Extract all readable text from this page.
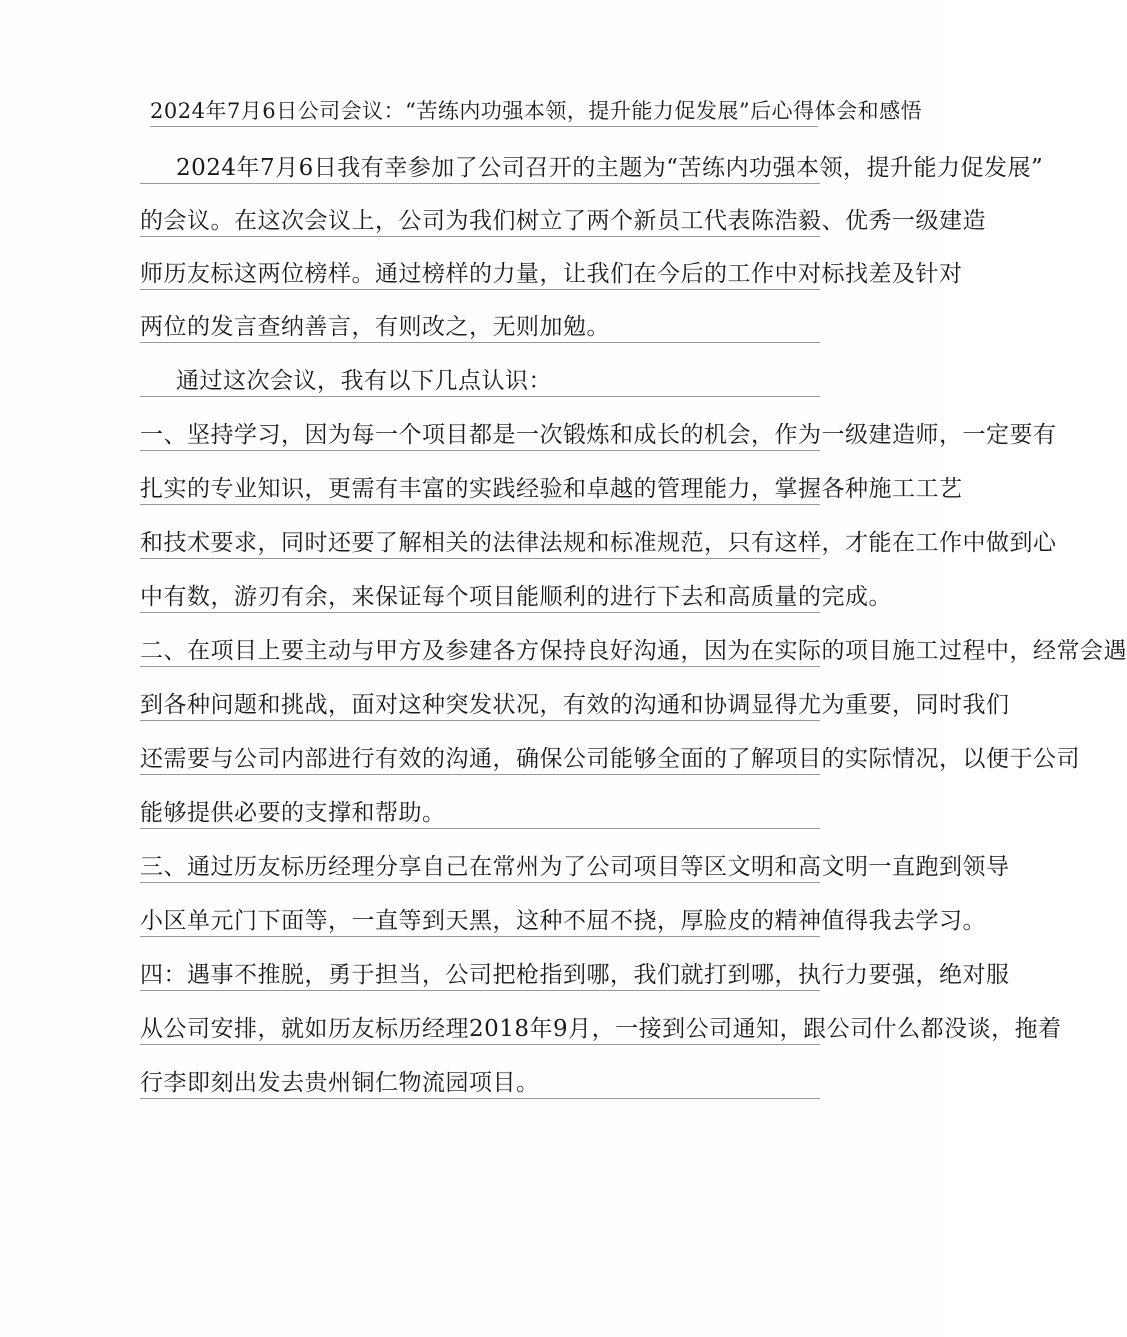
2024年7月6日公司会议：“苦练内功强本领，提升能力促发展”后心得体会和感悟
2024年7月6日我有幸参加了公司召开的主题为“苦练内功强本领，提升能力促发展”
的会议。在这次会议上，公司为我们树立了两个新员工代表陈浩毅、优秀一级建造
师历友标这两位榜样。通过榜样的力量，让我们在今后的工作中对标找差及针对
两位的发言查纳善言，有则改之，无则加勉。
通过这次会议，我有以下几点认识：
一、坚持学习，因为每一个项目都是一次锻炼和成长的机会，作为一级建造师，一定要有
扎实的专业知识，更需有丰富的实践经验和卓越的管理能力，掌握各种施工工艺
和技术要求，同时还要了解相关的法律法规和标准规范，只有这样，才能在工作中做到心
中有数，游刃有余，来保证每个项目能顺利的进行下去和高质量的完成。
二、在项目上要主动与甲方及参建各方保持良好沟通，因为在实际的项目施工过程中，经常会遇
到各种问题和挑战，面对这种突发状况，有效的沟通和协调显得尤为重要，同时我们
还需要与公司内部进行有效的沟通，确保公司能够全面的了解项目的实际情况，以便于公司
能够提供必要的支撑和帮助。
三、通过历友标历经理分享自己在常州为了公司项目等区文明和高文明一直跑到领导
小区单元门下面等，一直等到天黑，这种不屈不挠，厚脸皮的精神值得我去学习。
四：遇事不推脱，勇于担当，公司把枪指到哪，我们就打到哪，执行力要强，绝对服
从公司安排，就如历友标历经理2018年9月，一接到公司通知，跟公司什么都没谈，拖着
行李即刻出发去贵州铜仁物流园项目。
